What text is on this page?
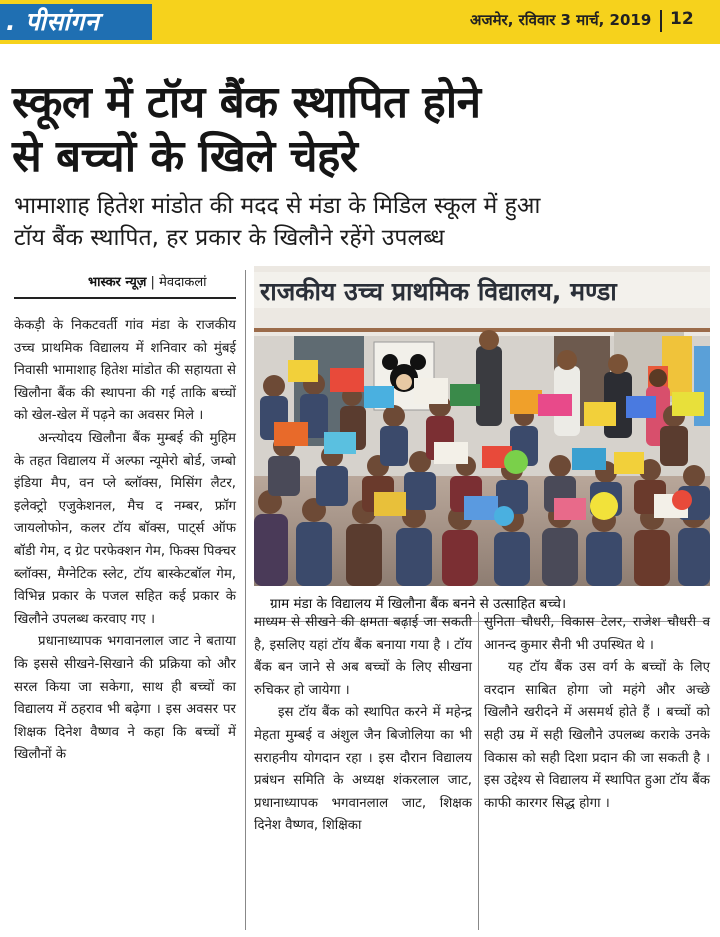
. पीसांगन	अजमेर, रविवार 3 मार्च, 2019 12
स्कूल में टॉय बैंक स्थापित होने
से बच्चों के खिले चेहरे
भामाशाह हितेश मांडोत की मदद से मंडा के मिडिल स्कूल में हुआ
टॉय बैंक स्थापित, हर प्रकार के खिलौने रहेंगे उपलब्ध
भास्कर न्यूज़ | मेवदाकलां

केकड़ी के निकटवर्ती गांव मंडा के राजकीय उच्च प्राथमिक विद्यालय में शनिवार को मुंबई निवासी भामाशाह हितेश मांडोत की सहायता से खिलौना बैंक की स्थापना की गई ताकि बच्चों को खेल-खेल में पढ़ने का अवसर मिले ।

अन्त्योदय खिलौना बैंक मुम्बई की मुहिम के तहत विद्यालय में अल्फा न्यूमेरो बोर्ड, जम्बो इंडिया मैप, वन प्ले ब्लॉक्स, मिसिंग लैटर, इलेक्ट्रो एजुकेशनल, मैच द नम्बर, फ्रॉग जायलोफोन, कलर टॉय बॉक्स, पाट्‌र्स ऑफ बॉडी गेम, द ग्रेट परफेक्शन गेम, फिक्स पिक्चर ब्लॉक्स, मैग्नेटिक स्लेट, टॉय बास्केटबॉल गेम, विभिन्न प्रकार के पजल सहित कई प्रकार के खिलौने उपलब्ध करवाए गए ।

प्रधानाध्यापक भगवानलाल जाट ने बताया कि इससे सीखने-सिखाने की प्रक्रिया को और सरल किया जा सकेगा, साथ ही बच्चों का विद्यालय में ठहराव भी बढ़ेगा । इस अवसर पर शिक्षक दिनेश वैष्णव ने कहा कि बच्चों में खिलौनों के

राजकीय उच्च प्राथमिक विद्यालय, मण्डा
ग्राम मंडा के विद्यालय में खिलौना बैंक बनने से उत्साहित बच्चे।

माध्यम से सीखने की क्षमता बढ़ाई जा सकती है, इसलिए यहां टॉय बैंक बनाया गया है । टॉय बैंक बन जाने से अब बच्चों के लिए सीखना रुचिकर हो जायेगा ।

इस टॉय बैंक को स्थापित करने में महेन्द्र मेहता मुम्बई व अंशुल जैन बिजोलिया का भी सराहनीय योगदान रहा । इस दौरान विद्यालय प्रबंधन समिति के अध्यक्ष शंकरलाल जाट, प्रधानाध्यापक भगवानलाल जाट, शिक्षक दिनेश वैष्णव, शिक्षिका

सुनिता चौधरी, विकास टेलर, राजेश चौधरी व आनन्द कुमार सैनी भी उपस्थित थे ।

यह टॉय बैंक उस वर्ग के बच्चों के लिए वरदान साबित होगा जो महंगे और अच्छे खिलौने खरीदने में असमर्थ होते हैं । बच्चों को सही उम्र में सही खिलौने उपलब्ध कराके उनके विकास को सही दिशा प्रदान की जा सकती है । इस उद्देश्य से विद्यालय में स्थापित हुआ टॉय बैंक काफी कारगर सिद्ध होगा ।
